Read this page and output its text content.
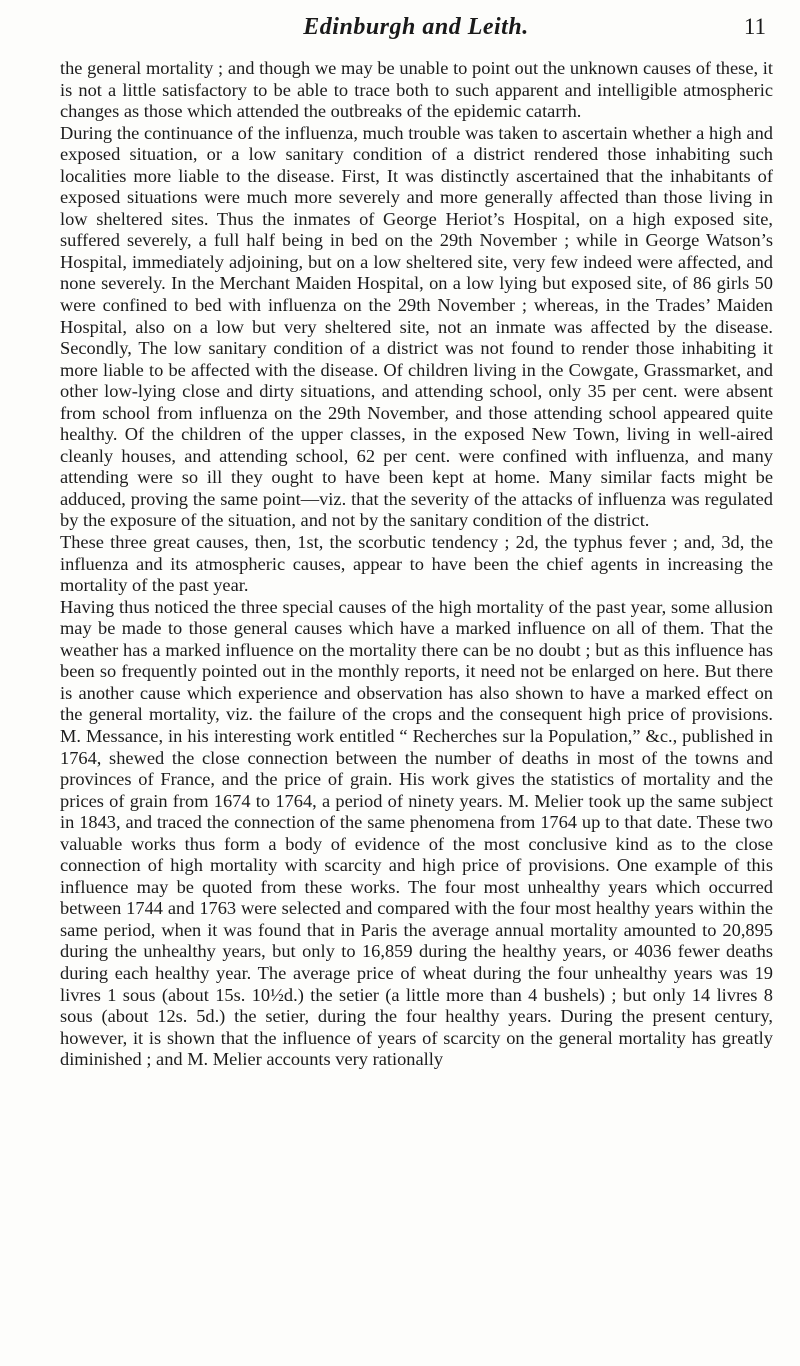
Edinburgh and Leith.	11

the general mortality ; and though we may be unable to point out the unknown causes of these, it is not a little satisfactory to be able to trace both to such apparent and intelligible atmospheric changes as those which attended the outbreaks of the epidemic catarrh.

During the continuance of the influenza, much trouble was taken to ascertain whether a high and exposed situation, or a low sanitary condition of a district rendered those inhabiting such localities more liable to the disease. First, It was distinctly ascertained that the inhabitants of exposed situations were much more severely and more generally affected than those living in low sheltered sites. Thus the inmates of George Heriot’s Hospital, on a high exposed site, suffered severely, a full half being in bed on the 29th November ; while in George Watson’s Hospital, immediately adjoining, but on a low sheltered site, very few indeed were affected, and none severely. In the Merchant Maiden Hospital, on a low lying but exposed site, of 86 girls 50 were confined to bed with influenza on the 29th November ; whereas, in the Trades’ Maiden Hospital, also on a low but very sheltered site, not an inmate was affected by the disease. Secondly, The low sanitary condition of a district was not found to render those inhabiting it more liable to be affected with the disease. Of children living in the Cowgate, Grassmarket, and other low-lying close and dirty situations, and attending school, only 35 per cent. were absent from school from influenza on the 29th November, and those attending school appeared quite healthy. Of the children of the upper classes, in the exposed New Town, living in well-aired cleanly houses, and attending school, 62 per cent. were confined with influenza, and many attending were so ill they ought to have been kept at home. Many similar facts might be adduced, proving the same point—viz. that the severity of the attacks of influenza was regulated by the exposure of the situation, and not by the sanitary condition of the district.

These three great causes, then, 1st, the scorbutic tendency ; 2d, the typhus fever ; and, 3d, the influenza and its atmospheric causes, appear to have been the chief agents in increasing the mortality of the past year.

Having thus noticed the three special causes of the high mortality of the past year, some allusion may be made to those general causes which have a marked influence on all of them. That the weather has a marked influence on the mortality there can be no doubt ; but as this influence has been so frequently pointed out in the monthly reports, it need not be enlarged on here. But there is another cause which experience and observation has also shown to have a marked effect on the general mortality, viz. the failure of the crops and the consequent high price of provisions. M. Messance, in his interesting work entitled “ Recherches sur la Population,” &c., published in 1764, shewed the close connection between the number of deaths in most of the towns and provinces of France, and the price of grain. His work gives the statistics of mortality and the prices of grain from 1674 to 1764, a period of ninety years. M. Melier took up the same subject in 1843, and traced the connection of the same phenomena from 1764 up to that date. These two valuable works thus form a body of evidence of the most conclusive kind as to the close connection of high mortality with scarcity and high price of provisions. One example of this influence may be quoted from these works. The four most unhealthy years which occurred between 1744 and 1763 were selected and compared with the four most healthy years within the same period, when it was found that in Paris the average annual mortality amounted to 20,895 during the unhealthy years, but only to 16,859 during the healthy years, or 4036 fewer deaths during each healthy year. The average price of wheat during the four unhealthy years was 19 livres 1 sous (about 15s. 10½d.) the setier (a little more than 4 bushels) ; but only 14 livres 8 sous (about 12s. 5d.) the setier, during the four healthy years. During the present century, however, it is shown that the influence of years of scarcity on the general mortality has greatly diminished ; and M. Melier accounts very rationally
